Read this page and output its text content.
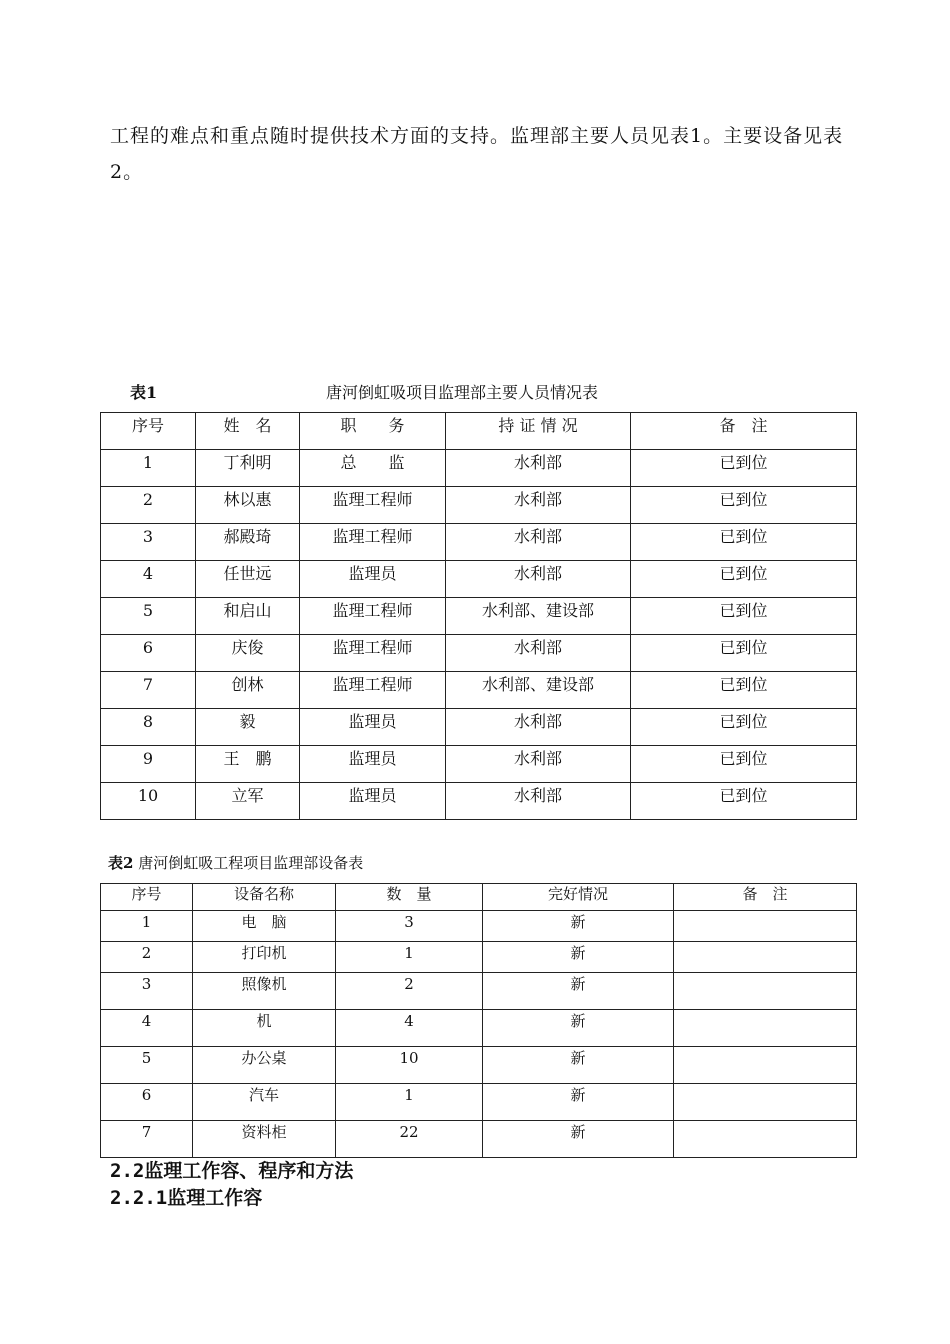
工程的难点和重点随时提供技术方面的支持。监理部主要人员见表1。主要设备见表2。
表1	唐河倒虹吸项目监理部主要人员情况表
序号	姓　名	职　　务	持 证 情 况	备　注
1	丁利明	总　　监	水利部	已到位
2	林以惠	监理工程师	水利部	已到位
3	郝殿琦	监理工程师	水利部	已到位
4	任世远	监理员	水利部	已到位
5	和启山	监理工程师	水利部、建设部	已到位
6	庆俊	监理工程师	水利部	已到位
7	创林	监理工程师	水利部、建设部	已到位
8	毅	监理员	水利部	已到位
9	王　鹏	监理员	水利部	已到位
10	立军	监理员	水利部	已到位
表2 唐河倒虹吸工程项目监理部设备表
序号	设备名称	数　量	完好情况	备　注
1	电　脑	3	新	
2	打印机	1	新	
3	照像机	2	新	
4	机	4	新	
5	办公桌	10	新	
6	汽车	1	新	
7	资料柜	22	新	
2.2监理工作容、程序和方法
2.2.1监理工作容
